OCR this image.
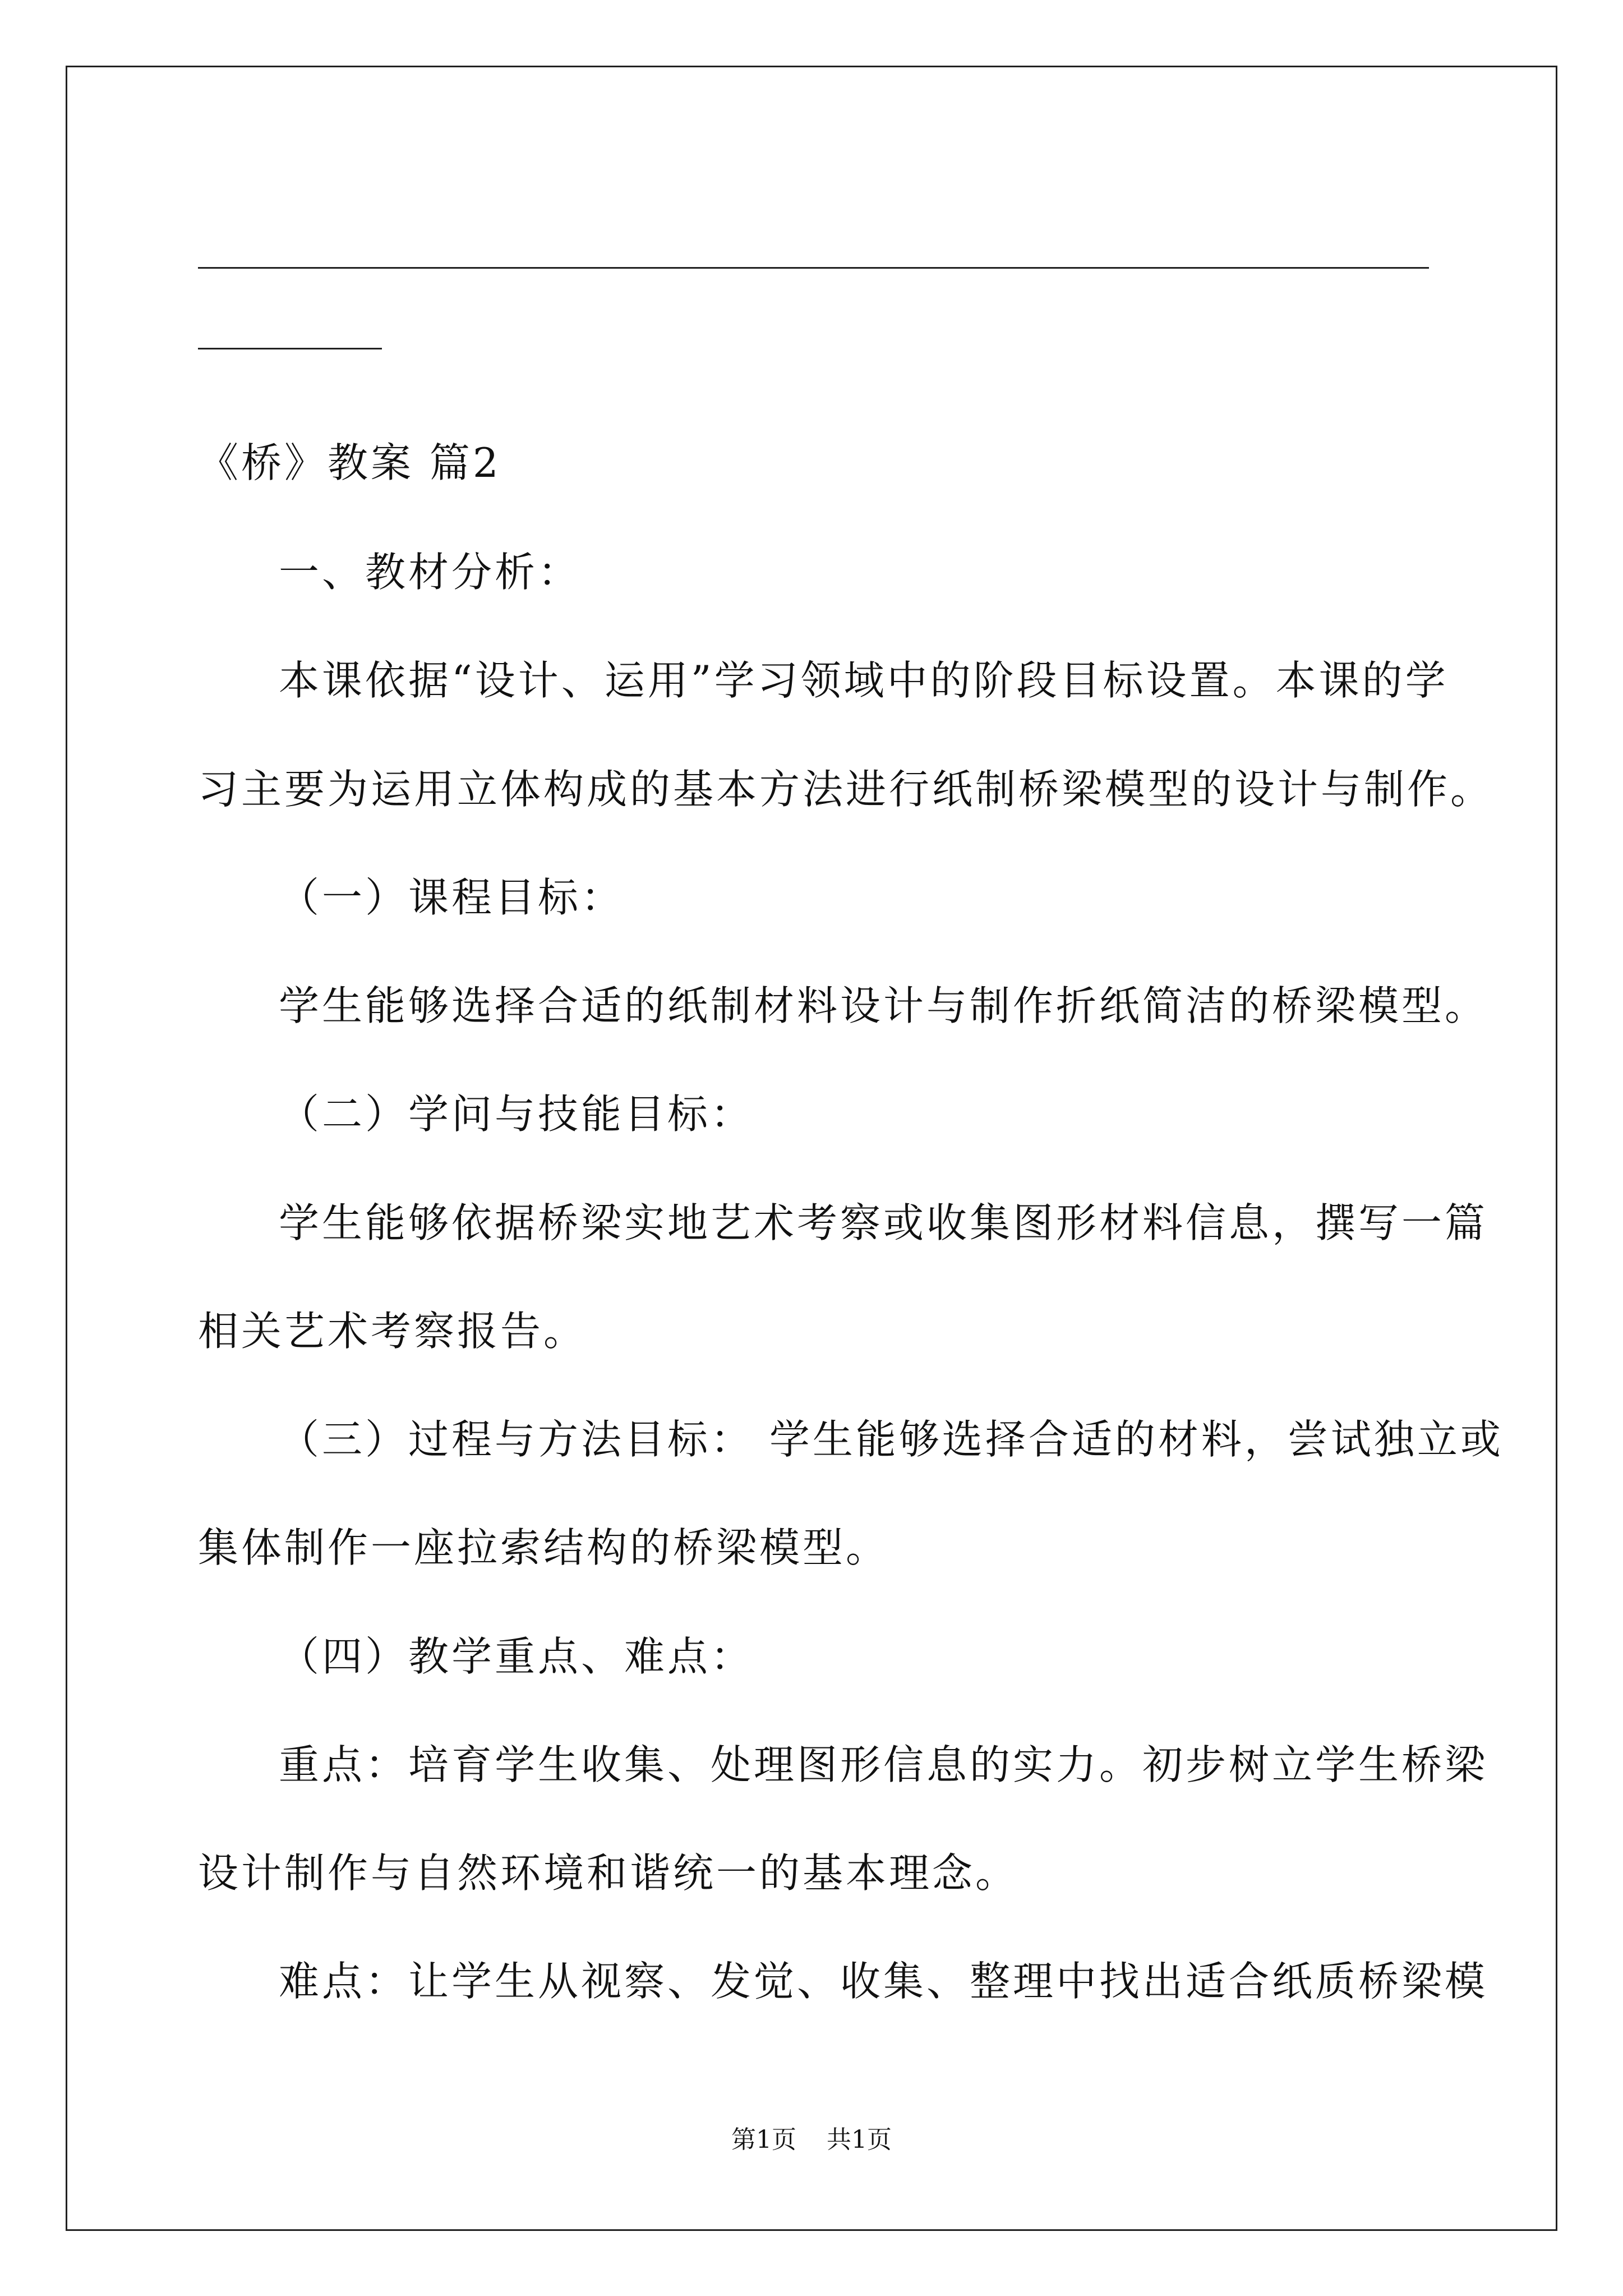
《桥》教案 篇2
一、教材分析：
本课依据“设计、运用”学习领域中的阶段目标设置。本课的学
习主要为运用立体构成的基本方法进行纸制桥梁模型的设计与制作。
（一）课程目标：
学生能够选择合适的纸制材料设计与制作折纸简洁的桥梁模型。
（二）学问与技能目标：
学生能够依据桥梁实地艺术考察或收集图形材料信息，撰写一篇
相关艺术考察报告。
（三）过程与方法目标： 学生能够选择合适的材料，尝试独立或
集体制作一座拉索结构的桥梁模型。
（四）教学重点、难点：
重点：培育学生收集、处理图形信息的实力。初步树立学生桥梁
设计制作与自然环境和谐统一的基本理念。
难点：让学生从视察、发觉、收集、整理中找出适合纸质桥梁模
第1页 共1页
